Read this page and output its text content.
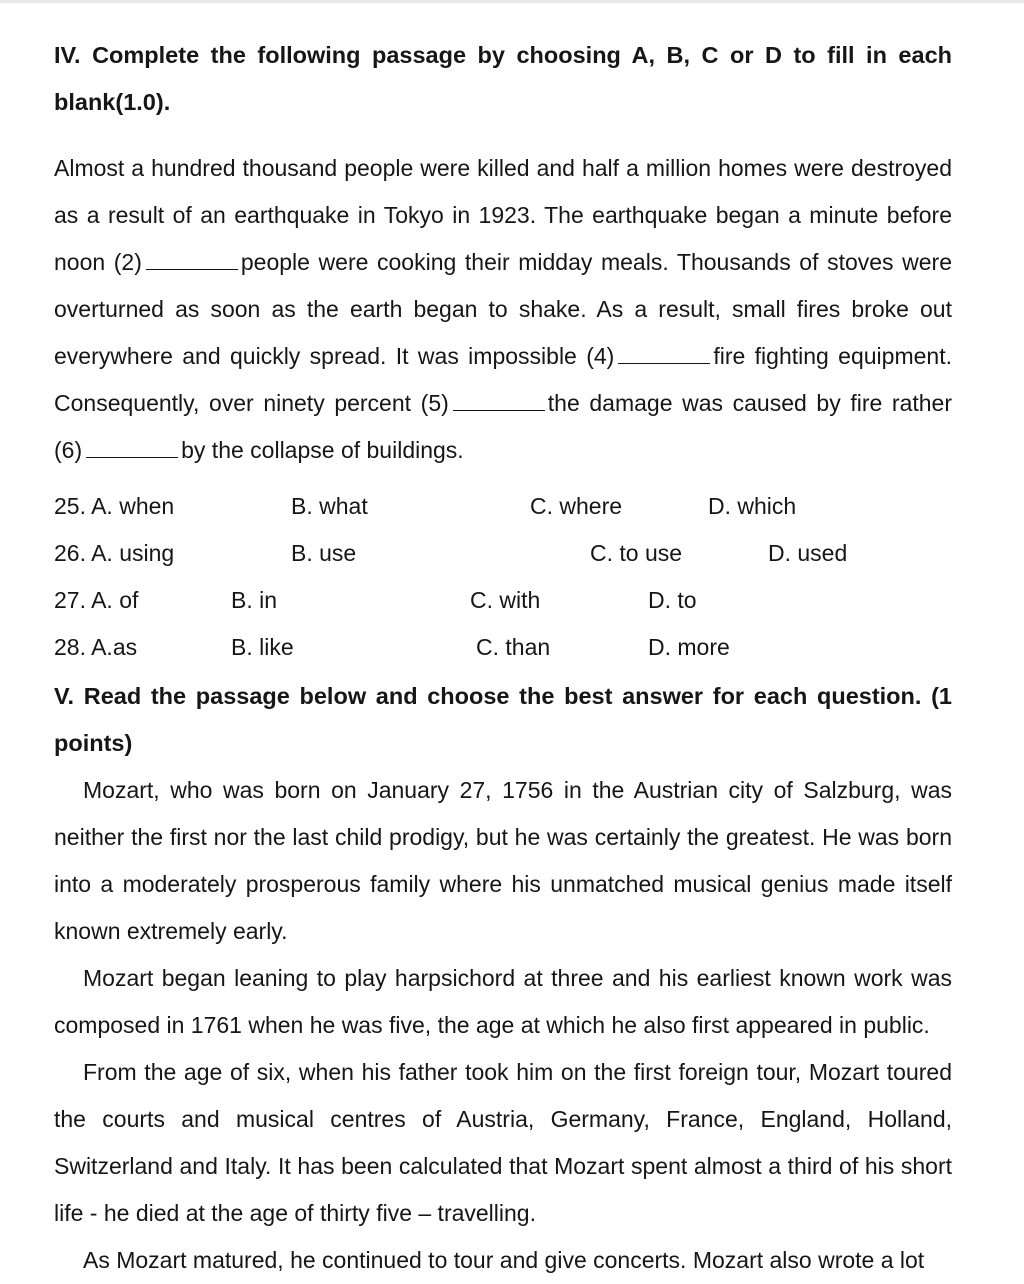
IV. Complete the following passage by choosing A, B, C or D to fill in each blank(1.0).

Almost a hundred thousand people were killed and half a million homes were destroyed as a result of an earthquake in Tokyo in 1923. The earthquake began a minute before noon (2)	people were cooking their midday meals. Thousands of stoves were overturned as soon as the earth began to shake. As a result, small fires broke out everywhere and quickly spread. It was impossible (4)	fire fighting equipment. Consequently, over ninety percent (5)	the damage was caused by fire rather (6)	by the collapse of buildings.

25. A. when	B. what	C. where	D. which
26. A. using	B. use	C. to use	D. used
27. A. of	B. in	C. with	D. to
28. A.as	B. like	C. than	D. more

V. Read the passage below and choose the best answer for each question. (1 points)

Mozart, who was born on January 27, 1756 in the Austrian city of Salzburg, was neither the first nor the last child prodigy, but he was certainly the greatest. He was born into a moderately prosperous family where his unmatched musical genius made itself known extremely early.

Mozart began leaning to play harpsichord at three and his earliest known work was composed in 1761 when he was five, the age at which he also first appeared in public.

From the age of six, when his father took him on the first foreign tour, Mozart toured the courts and musical centres of Austria, Germany, France, England, Holland, Switzerland and Italy. It has been calculated that Mozart spent almost a third of his short life - he died at the age of thirty five – travelling.

As Mozart matured, he continued to tour and give concerts. Mozart also wrote a lot
